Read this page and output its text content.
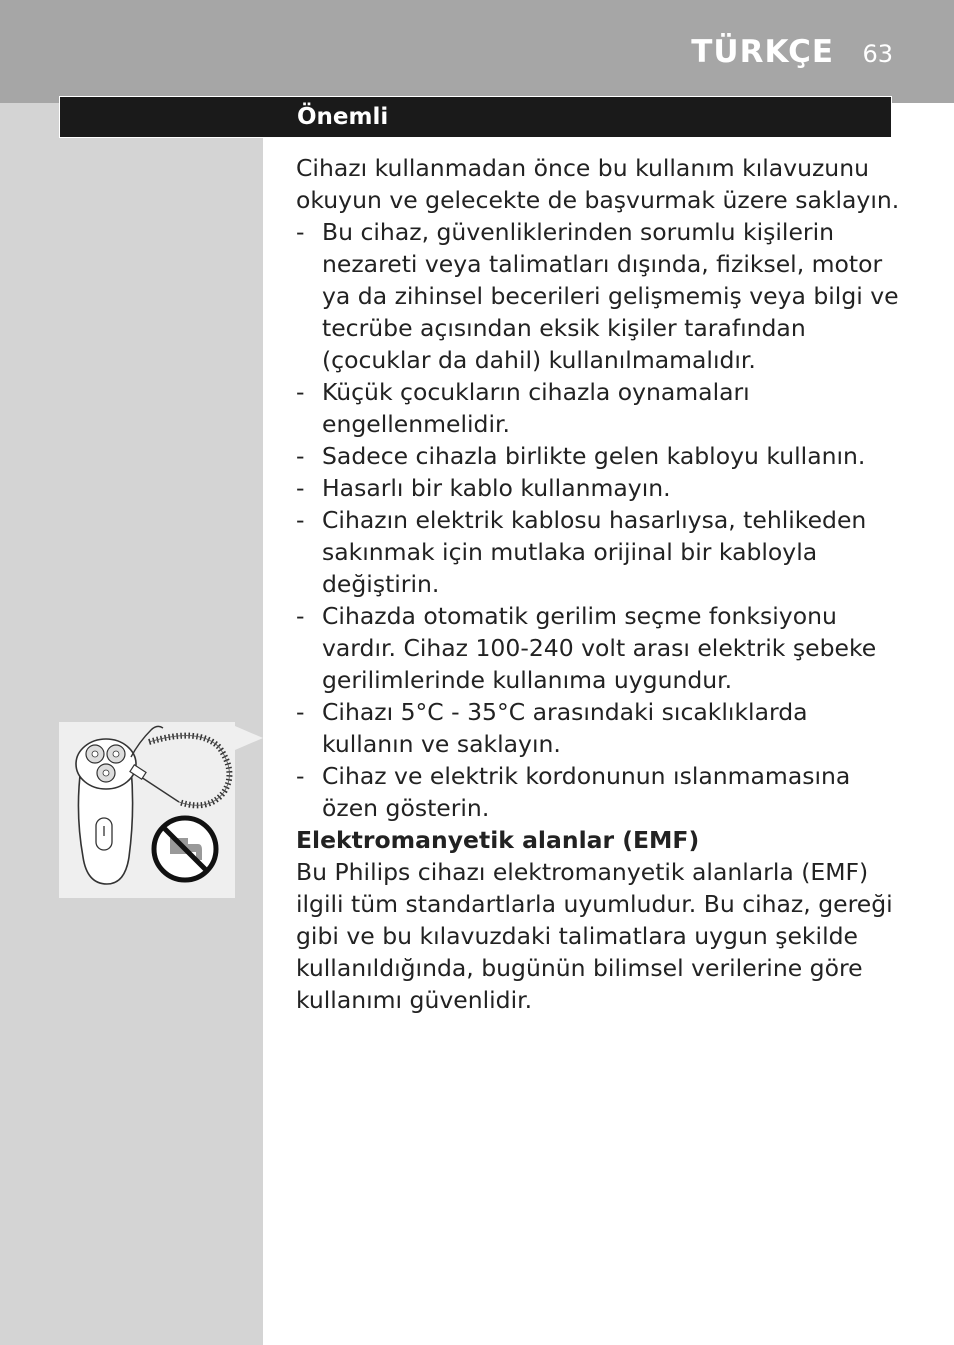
TÜRKÇE 63
Önemli

Cihazı kullanmadan önce bu kullanım kılavuzunu okuyun ve gelecekte de başvurmak üzere saklayın.

- Bu cihaz, güvenliklerinden sorumlu kişilerin nezareti veya talimatları dışında, fiziksel, motor ya da zihinsel becerileri gelişmemiş veya bilgi ve tecrübe açısından eksik kişiler tarafından (çocuklar da dahil) kullanılmamalıdır.
- Küçük çocukların cihazla oynamaları engellenmelidir.
- Sadece cihazla birlikte gelen kabloyu kullanın.
- Hasarlı bir kablo kullanmayın.
- Cihazın elektrik kablosu hasarlıysa, tehlikeden sakınmak için mutlaka orijinal bir kabloyla değiştirin.
- Cihazda otomatik gerilim seçme fonksiyonu vardır. Cihaz 100-240 volt arası elektrik şebeke gerilimlerinde kullanıma uygundur.
- Cihazı 5°C - 35°C arasındaki sıcaklıklarda kullanın ve saklayın.
- Cihaz ve elektrik kordonunun ıslanmamasına özen gösterin.

Elektromanyetik alanlar (EMF)

Bu Philips cihazı elektromanyetik alanlarla (EMF) ilgili tüm standartlarla uyumludur. Bu cihaz, gereği gibi ve bu kılavuzdaki talimatlara uygun şekilde kullanıldığında, bugünün bilimsel verilerine göre kullanımı güvenlidir.
